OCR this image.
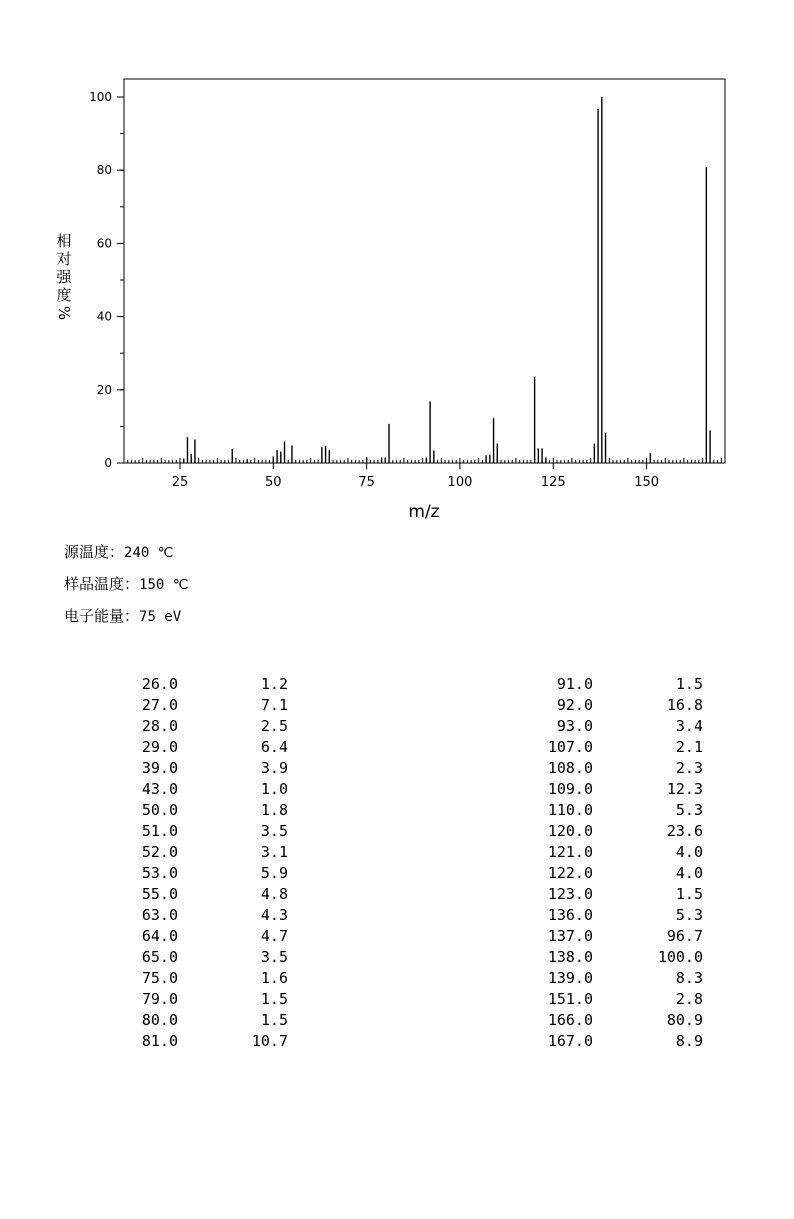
0
20
40
60
80
100
25	50	75	100	125	150
m/z
相
对
强
度
%
源温度：240 ℃
样品温度：150 ℃
电子能量：75 eV
26.0	1.2
27.0	7.1
28.0	2.5
29.0	6.4
39.0	3.9
43.0	1.0
50.0	1.8
51.0	3.5
52.0	3.1
53.0	5.9
55.0	4.8
63.0	4.3
64.0	4.7
65.0	3.5
75.0	1.6
79.0	1.5
80.0	1.5
81.0	10.7
91.0	1.5
92.0	16.8
93.0	3.4
107.0	2.1
108.0	2.3
109.0	12.3
110.0	5.3
120.0	23.6
121.0	4.0
122.0	4.0
123.0	1.5
136.0	5.3
137.0	96.7
138.0	100.0
139.0	8.3
151.0	2.8
166.0	80.9
167.0	8.9
